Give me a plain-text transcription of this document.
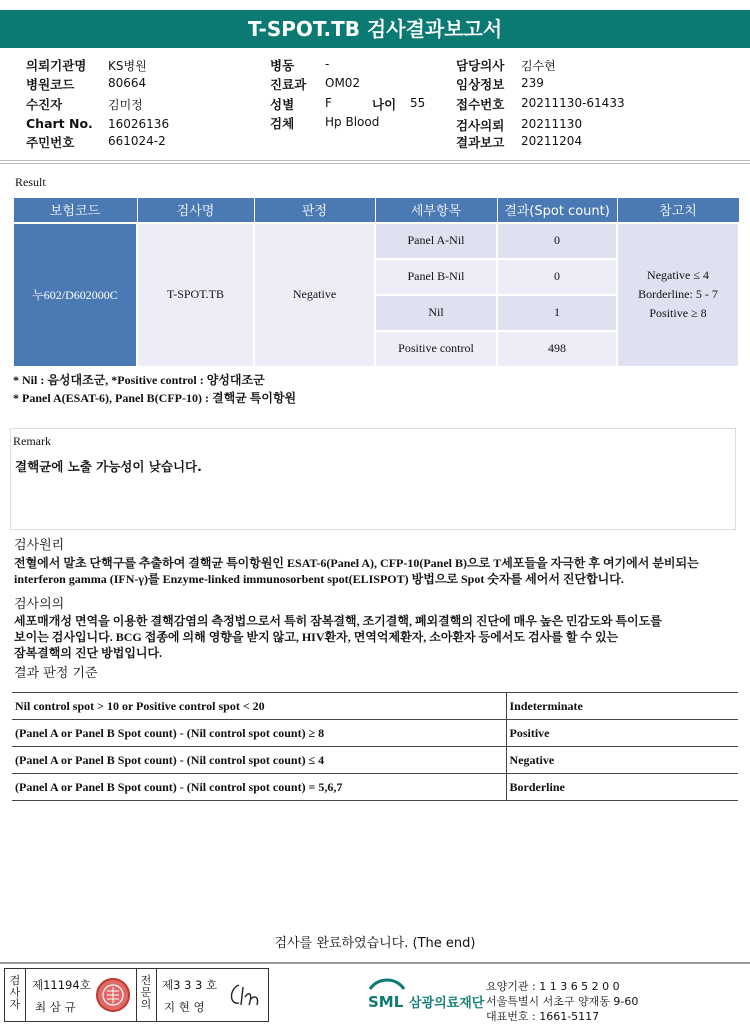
T-SPOT.TB 검사결과보고서
의뢰기관명 KS병원
병원코드	80664
수진자	김미정
Chart No. 16026136
주민번호	661024-2
병동	-
진료과 OM02
성별	F	나이 55
검체	Hp Blood
담당의사 김수현
임상정보 239
접수번호 20211130-61433
검사의뢰 20211130
결과보고 20211204
Result
보험코드	검사명	판정	세부항목	결과(Spot count)	참고치
누602/D602000C	T-SPOT.TB	Negative	Panel A-Nil	0	Negative ≤ 4
Borderline: 5 - 7
Positive ≥ 8

			Panel B-Nil	0	
			Nil	1	
			Positive control	498	
* Nil : 음성대조군, *Positive control : 양성대조군
* Panel A(ESAT-6), Panel B(CFP-10) : 결핵균 특이항원
Remark
결핵균에 노출 가능성이 낮습니다.
검사원리
전혈에서 말초 단핵구를 추출하여 결핵균 특이항원인 ESAT-6(Panel A), CFP-10(Panel B)으로 T세포들을 자극한 후 여기에서 분비되는
interferon gamma (IFN-γ)를 Enzyme-linked immunosorbent spot(ELISPOT) 방법으로 Spot 숫자를 세어서 진단합니다.
검사의의
세포매개성 면역을 이용한 결핵감염의 측정법으로서 특히 잠복결핵, 조기결핵, 폐외결핵의 진단에 매우 높은 민감도와 특이도를
보이는 검사입니다. BCG 접종에 의해 영향을 받지 않고, HIV환자, 면역억제환자, 소아환자 등에서도 검사를 할 수 있는
잠복결핵의 진단 방법입니다.
결과 판정 기준
Nil control spot > 10 or Positive control spot < 20	Indeterminate
(Panel A or Panel B Spot count) - (Nil control spot count) ≥ 8	Positive
(Panel A or Panel B Spot count) - (Nil control spot count) ≤ 4	Negative
(Panel A or Panel B Spot count) - (Nil control spot count) = 5,6,7	Borderline
검사를 완료하였습니다. (The end)
검
사
자
제11194호
최 삼 규
전
문
의
제3 3 3 호
지 현 영	SML 삼광의료재단
요양기관 : 1 1 3 6 5 2 0 0
서울특별시 서초구 양재동 9-60
대표번호 : 1661-5117
